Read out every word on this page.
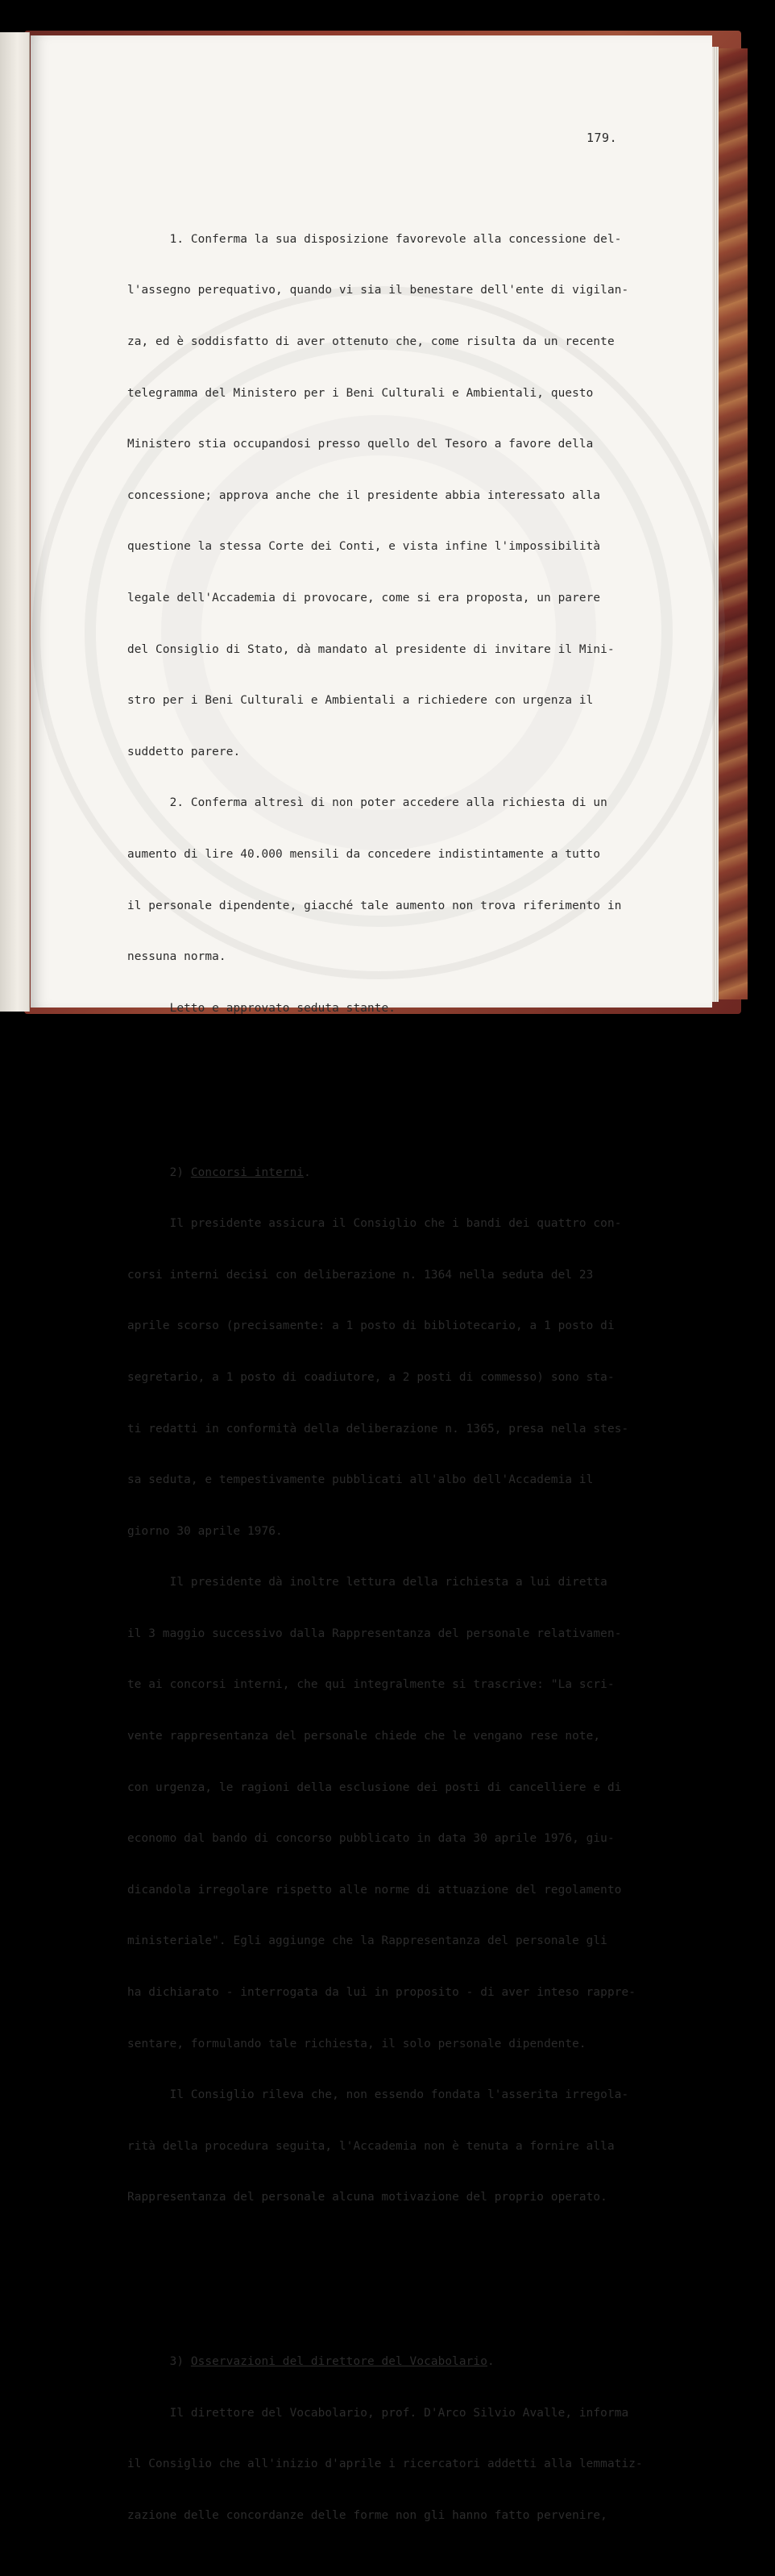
179.

1. Conferma la sua disposizione favorevole alla concessione del-

l'assegno perequativo, quando vi sia il benestare dell'ente di vigilan-

za, ed è soddisfatto di aver ottenuto che, come risulta da un recente

telegramma del Ministero per i Beni Culturali e Ambientali, questo

Ministero stia occupandosi presso quello del Tesoro a favore della

concessione; approva anche che il presidente abbia interessato alla

questione la stessa Corte dei Conti, e vista infine l'impossibilità

legale dell'Accademia di provocare, come si era proposta, un parere

del Consiglio di Stato, dà mandato al presidente di invitare il Mini-

stro per i Beni Culturali e Ambientali a richiedere con urgenza il

suddetto parere.

2. Conferma altresì di non poter accedere alla richiesta di un

aumento di lire 40.000 mensili da concedere indistintamente a tutto

il personale dipendente, giacché tale aumento non trova riferimento in

nessuna norma.

Letto e approvato seduta stante.

2) Concorsi interni.

Il presidente assicura il Consiglio che i bandi dei quattro con-

corsi interni decisi con deliberazione n. 1364 nella seduta del 23

aprile scorso (precisamente: a 1 posto di bibliotecario, a 1 posto di

segretario, a 1 posto di coadiutore, a 2 posti di commesso) sono sta-

ti redatti in conformità della deliberazione n. 1365, presa nella stes-

sa seduta, e tempestivamente pubblicati all'albo dell'Accademia il

giorno 30 aprile 1976.

Il presidente dà inoltre lettura della richiesta a lui diretta

il 3 maggio successivo dalla Rappresentanza del personale relativamen-

te ai concorsi interni, che qui integralmente si trascrive: "La scri-

vente rappresentanza del personale chiede che le vengano rese note,

con urgenza, le ragioni della esclusione dei posti di cancelliere e di

economo dal bando di concorso pubblicato in data 30 aprile 1976, giu-

dicandola irregolare rispetto alle norme di attuazione del regolamento

ministeriale". Egli aggiunge che la Rappresentanza del personale gli

ha dichiarato - interrogata da lui in proposito - di aver inteso rappre-

sentare, formulando tale richiesta, il solo personale dipendente.

Il Consiglio rileva che, non essendo fondata l'asserita irregola-

rità della procedura seguita, l'Accademia non è tenuta a fornire alla

Rappresentanza del personale alcuna motivazione del proprio operato.

3) Osservazioni del direttore del Vocabolario.

Il direttore del Vocabolario, prof. D'Arco Silvio Avalle, informa

il Consiglio che all'inizio d'aprile i ricercatori addetti alla lemmatiz-

zazione delle concordanze delle forme non gli hanno fatto pervenire,
